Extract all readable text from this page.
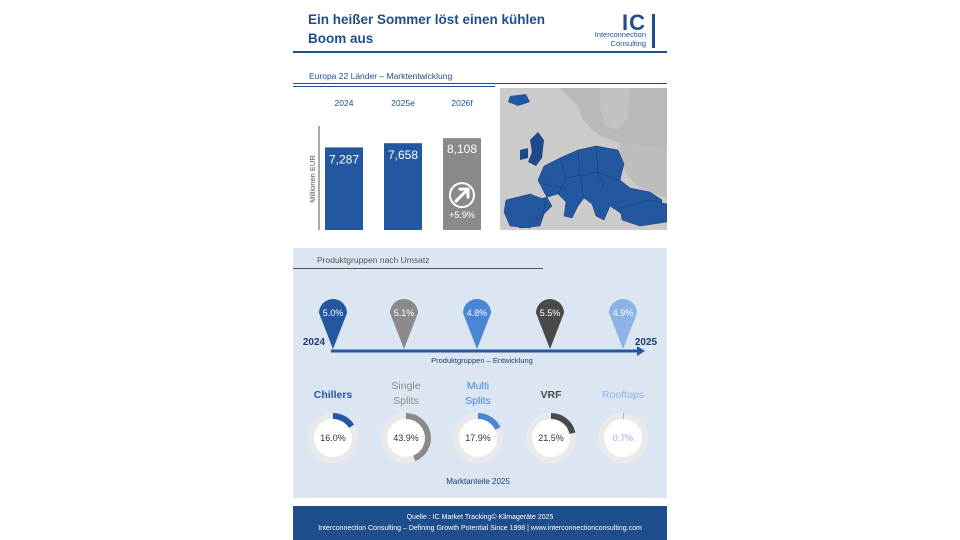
Ein heißer Sommer löst einen kühlen Boom aus
IC
Interconnection
Consulting
Europa 22 Länder – Marktentwicklung
Millionen EUR
2024
7,287
2025e
7,658
2026f
8,108
+5.9%
Produktgruppen nach Umsatz
2024	2025
Produktgruppen – Entwicklung
5.0%	5.1%	4.8%	5.5%	4.9%
Chillers
16.0%
Single
Splits
43.9%
Multi
Splits
17.9%
VRF
21.5%
Rooftops
0.7%
Marktanteile 2025
Quelle : IC Market Tracking© Klimageräte 2025
Interconnection Consulting – Defining Growth Potential Since 1998 | www.interconnectionconsulting.com
